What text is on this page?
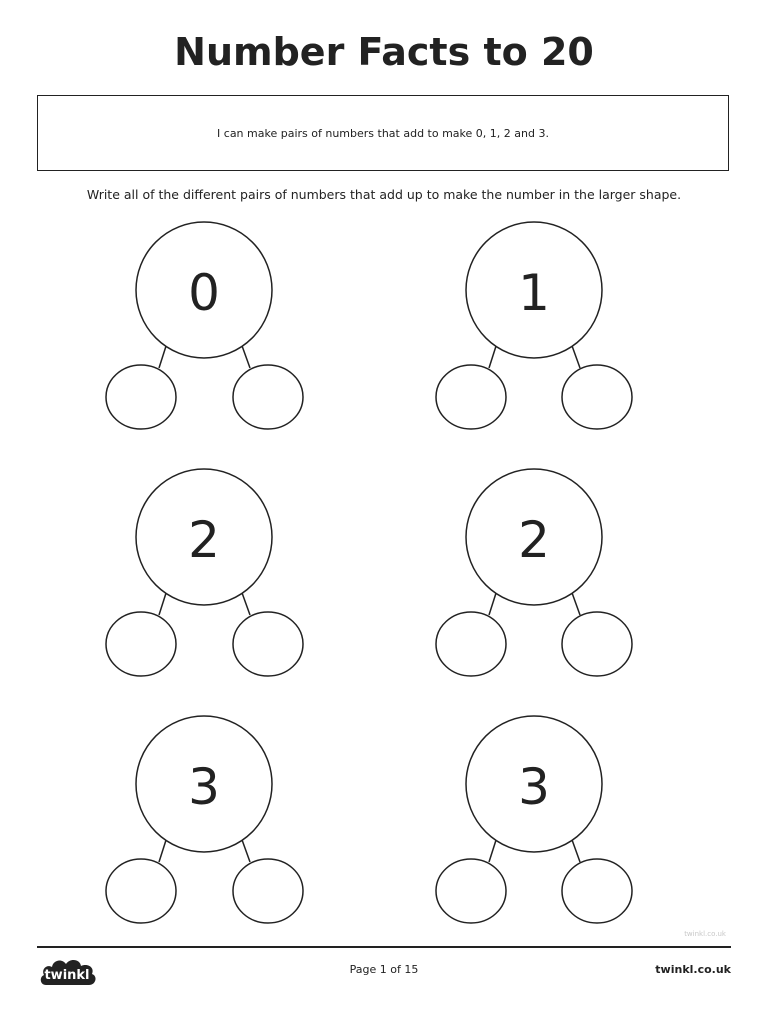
Number Facts to 20
I can make pairs of numbers that add to make 0, 1, 2 and 3.
Write all of the different pairs of numbers that add up to make the number in the larger shape.
0	1
2	2
3	3
twinkl.co.uk
twinkl	Page 1 of 15	twinkl.co.uk
